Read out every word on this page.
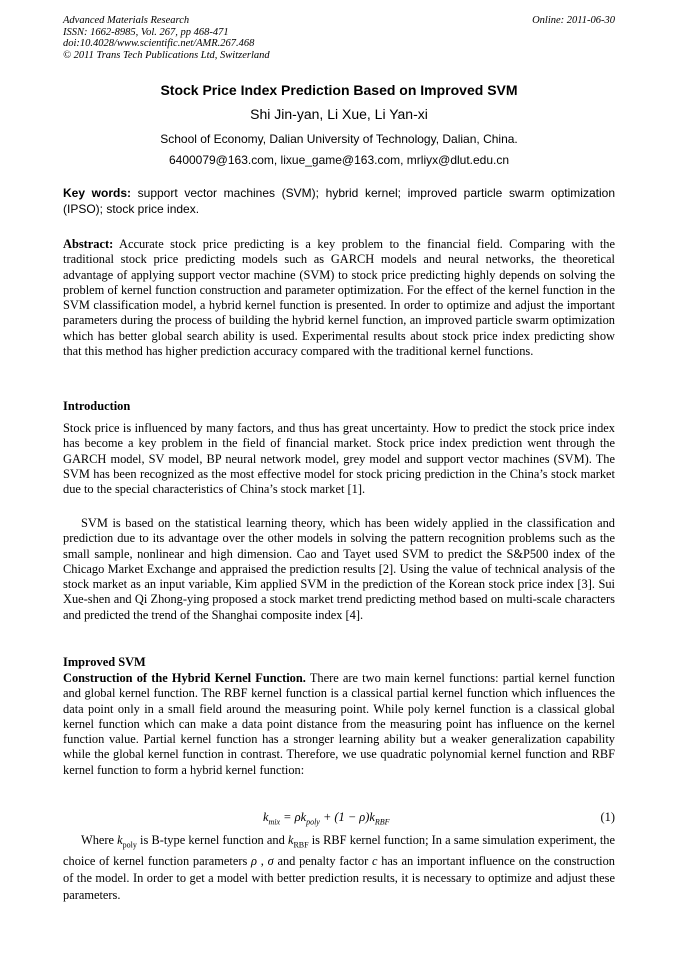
Advanced Materials Research
ISSN: 1662-8985, Vol. 267, pp 468-471
doi:10.4028/www.scientific.net/AMR.267.468
© 2011 Trans Tech Publications Ltd, Switzerland
Online: 2011-06-30
Stock Price Index Prediction Based on Improved SVM
Shi Jin-yan, Li Xue, Li Yan-xi
School of Economy, Dalian University of Technology, Dalian, China.
6400079@163.com, lixue_game@163.com, mrliyx@dlut.edu.cn
Key words: support vector machines (SVM); hybrid kernel; improved particle swarm optimization (IPSO); stock price index.
Abstract: Accurate stock price predicting is a key problem to the financial field. Comparing with the traditional stock price predicting models such as GARCH models and neural networks, the theoretical advantage of applying support vector machine (SVM) to stock price predicting highly depends on solving the problem of kernel function construction and parameter optimization. For the effect of the kernel function in the SVM classification model, a hybrid kernel function is presented. In order to optimize and adjust the important parameters during the process of building the hybrid kernel function, an improved particle swarm optimization which has better global search ability is used. Experimental results about stock price index predicting show that this method has higher prediction accuracy compared with the traditional kernel functions.
Introduction
Stock price is influenced by many factors, and thus has great uncertainty. How to predict the stock price index has become a key problem in the field of financial market. Stock price index prediction went through the GARCH model, SV model, BP neural network model, grey model and support vector machines (SVM). The SVM has been recognized as the most effective model for stock pricing prediction in the China’s stock market due to the special characteristics of China’s stock market [1].
SVM is based on the statistical learning theory, which has been widely applied in the classification and prediction due to its advantage over the other models in solving the pattern recognition problems such as the small sample, nonlinear and high dimension. Cao and Tayet used SVM to predict the S&P500 index of the Chicago Market Exchange and appraised the prediction results [2]. Using the value of technical analysis of the stock market as an input variable, Kim applied SVM in the prediction of the Korean stock price index [3]. Sui Xue-shen and Qi Zhong-ying proposed a stock market trend predicting method based on multi-scale characters and predicted the trend of the Shanghai composite index [4].
Improved SVM
Construction of the Hybrid Kernel Function. There are two main kernel functions: partial kernel function and global kernel function. The RBF kernel function is a classical partial kernel function which influences the data point only in a small field around the measuring point. While poly kernel function is a classical global kernel function which can make a data point distance from the measuring point has influence on the kernel function value. Partial kernel function has a stronger learning ability but a weaker generalization capability while the global kernel function in contrast. Therefore, we use quadratic polynomial kernel function and RBF kernel function to form a hybrid kernel function:
$k_{mix} = \rho k_{poly} + (1 - \rho)k_{RBF}$	(1)
Where $k_{poly}$ is B-type kernel function and $k_{RBF}$ is RBF kernel function; In a same simulation experiment, the choice of kernel function parameters ρ , σ and penalty factor c has an important influence on the construction of the model. In order to get a model with better prediction results, it is necessary to optimize and adjust these parameters.
